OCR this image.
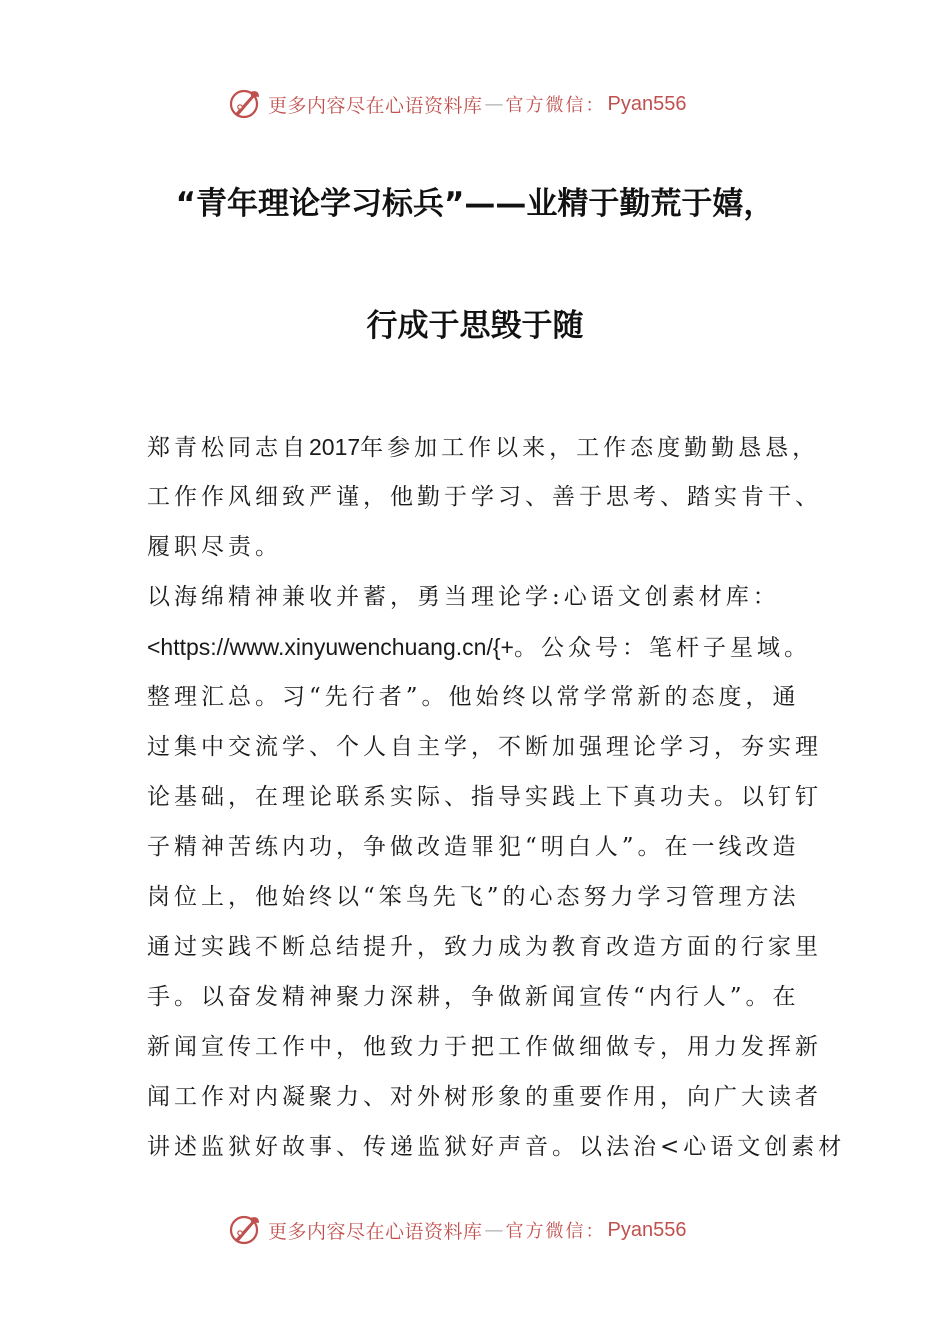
更多内容尽在心语资料库 — 官方微信： Pyan556
“青年理论学习标兵”——业精于勤荒于嬉，
行成于思毁于随
郑青松同志自2017年参加工作以来，工作态度勤勤恳恳，
工作作风细致严谨，他勤于学习、善于思考、踏实肯干、
履职尽责。
以海绵精神兼收并蓄，勇当理论学:心语文创素材库：
<https://www.xinyuwenchuang.cn/{+。公众号：笔杆子星域。
整理汇总。习“先行者”。他始终以常学常新的态度，通
过集中交流学、个人自主学，不断加强理论学习，夯实理
论基础，在理论联系实际、指导实践上下真功夫。以钉钉
子精神苦练内功，争做改造罪犯“明白人”。在一线改造
岗位上，他始终以“笨鸟先飞”的心态努力学习管理方法
通过实践不断总结提升，致力成为教育改造方面的行家里
手。以奋发精神聚力深耕，争做新闻宣传“内行人”。在
新闻宣传工作中，他致力于把工作做细做专，用力发挥新
闻工作对内凝聚力、对外树形象的重要作用，向广大读者
讲述监狱好故事、传递监狱好声音。以法治<心语文创素材
更多内容尽在心语资料库 — 官方微信： Pyan556
